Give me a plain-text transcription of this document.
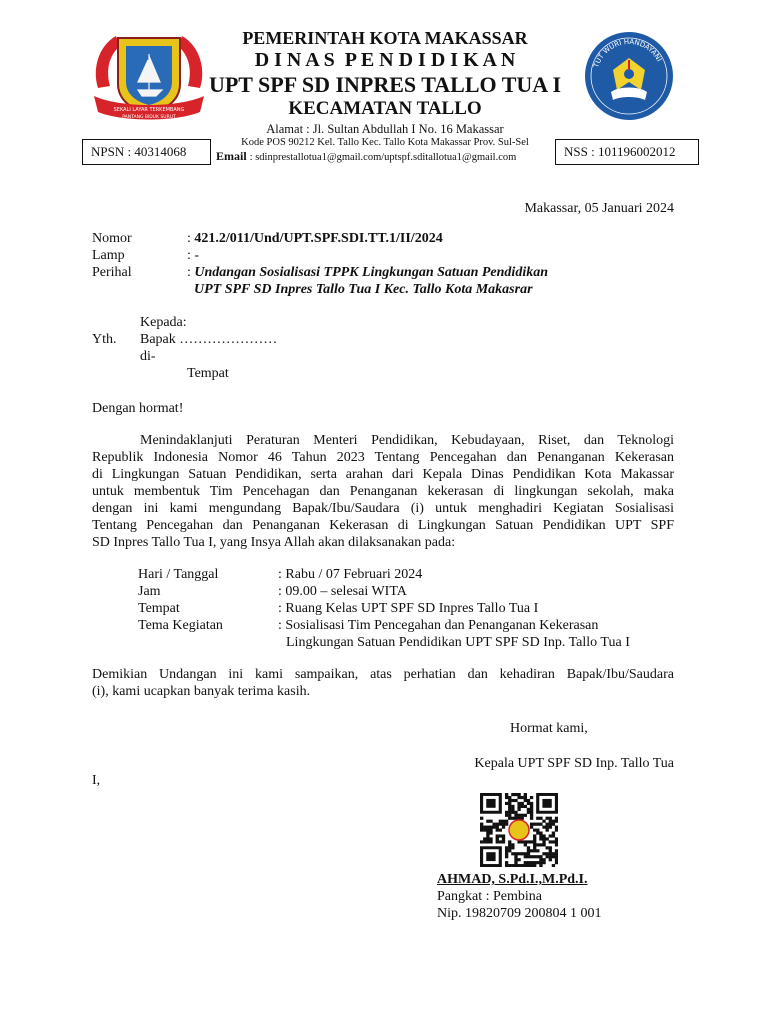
SEKALI LAYAR TERKEMBANG
PANTANG BIDUK SURUT
TUT WURI HANDAYANI
PEMERINTAH KOTA MAKASSAR
D I N A S  P E N D I D I K A N
UPT SPF SD INPRES TALLO TUA I
KECAMATAN TALLO
Alamat : Jl. Sultan Abdullah I No. 16 Makassar
Kode POS 90212 Kel. Tallo Kec. Tallo Kota Makassar Prov. Sul-Sel
Email : sdinprestallotua1@gmail.com/uptspf.sditallotua1@gmail.com
NPSN : 40314068	NSS : 101196002012
Makassar, 05 Januari 2024
Nomor	: 421.2/011/Und/UPT.SPF.SDI.TT.1/II/2024
Lamp	: -
Perihal	: Undangan Sosialisasi TPPK Lingkungan Satuan Pendidikan
UPT SPF SD Inpres Tallo Tua I Kec. Tallo Kota Makasrar
Kepada:
Yth. Bapak …………………
di-
Tempat
Dengan hormat!
Menindaklanjuti Peraturan Menteri Pendidikan, Kebudayaan, Riset, dan Teknologi
Republik Indonesia Nomor 46 Tahun 2023 Tentang Pencegahan dan Penanganan Kekerasan
di Lingkungan Satuan Pendidikan, serta arahan dari Kepala Dinas Pendidikan Kota Makassar
untuk membentuk Tim Pencehagan dan Penanganan kekerasan di lingkungan sekolah, maka
dengan ini kami mengundang Bapak/Ibu/Saudara (i) untuk menghadiri Kegiatan Sosialisasi
Tentang Pencegahan dan Penanganan Kekerasan di Lingkungan Satuan Pendidikan UPT SPF
SD Inpres Tallo Tua I, yang Insya Allah akan dilaksanakan pada:
Hari / Tanggal	: Rabu / 07 Februari 2024
Jam	: 09.00 – selesai WITA
Tempat	: Ruang Kelas UPT SPF SD Inpres Tallo Tua I
Tema Kegiatan	: Sosialisasi Tim Pencegahan dan Penanganan Kekerasan
Lingkungan Satuan Pendidikan UPT SPF SD Inp. Tallo Tua I
Demikian Undangan ini kami sampaikan, atas perhatian dan kehadiran Bapak/Ibu/Saudara
(i), kami ucapkan banyak terima kasih.
Hormat kami,
Kepala UPT SPF SD Inp. Tallo Tua
I,
AHMAD, S.Pd.I.,M.Pd.I.
Pangkat : Pembina
Nip. 19820709 200804 1 001
